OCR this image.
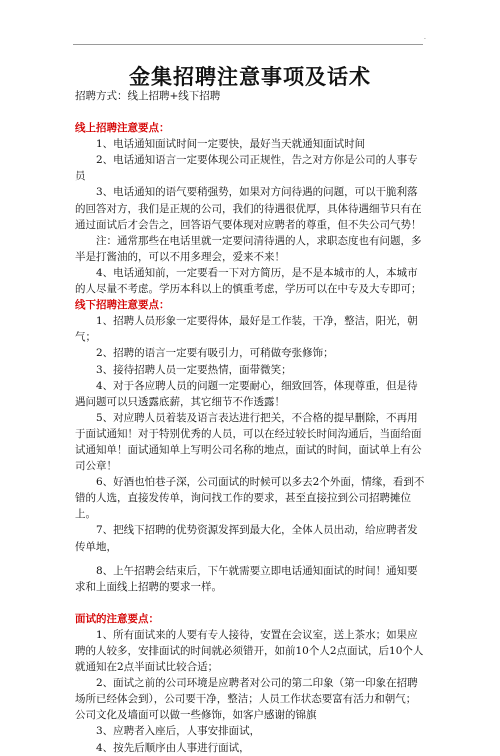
·
金集招聘注意事项及话术

招聘方式：线上招聘+线下招聘

线上招聘注意要点：

1、电话通知面试时间一定要快，最好当天就通知面试时间

2、电话通知语言一定要体现公司正规性，告之对方你是公司的人事专员

3、电话通知的语气要稍强势，如果对方问待遇的问题，可以干脆利落的回答对方，我们是正规的公司，我们的待遇很优厚，具体待遇细节只有在通过面试后才会告之，回答语气要体现对应聘者的尊重，但不失公司气势！

注：通常那些在电话里就一定要问清待遇的人，求职态度也有问题，多半是打酱油的，可以不用多理会，爱来不来！

4、电话通知前，一定要看一下对方简历，是不是本城市的人，本城市的人尽量不考虑。学历本科以上的慎重考虑，学历可以在中专及大专即可；

线下招聘注意要点：

1、招聘人员形象一定要得体，最好是工作装，干净，整洁，阳光，朝气；

2、招聘的语言一定要有吸引力，可稍做夸张修饰；

3、接待招聘人员一定要热情，面带微笑；

4、对于各应聘人员的问题一定要耐心，细致回答，体现尊重，但是待遇问题可以只透露底薪，其它细节不作透露！

5、对应聘人员着装及语言表达进行把关，不合格的提早删除，不再用于面试通知！对于特别优秀的人员，可以在经过较长时间沟通后，当面给面试通知单！面试通知单上写明公司名称的地点，面试的时间，面试单上有公司公章！

6、好酒也怕巷子深，公司面试的时候可以多去2个外面，情缘，看到不错的人选，直接发传单，询问找工作的要求，甚至直接拉到公司招聘摊位上。

7、把线下招聘的优势资源发挥到最大化，全体人员出动，给应聘者发传单地，

8、上午招聘会结束后，下午就需要立即电话通知面试的时间！通知要求和上面线上招聘的要求一样。

面试的注意要点：

1、所有面试来的人要有专人接待，安置在会议室，送上茶水；如果应聘的人较多，安排面试的时间就必须错开，如前10个人2点面试，后10个人就通知在2点半面试比较合适；

2、面试之前的公司环境是应聘者对公司的第二印象（第一印象在招聘场所已经体会到），公司要干净，整洁；人员工作状态要富有活力和朝气；公司文化及墙面可以做一些修饰，如客户感谢的锦旗

3、应聘者入座后，人事安排面试，

4、按先后顺序由人事进行面试，
